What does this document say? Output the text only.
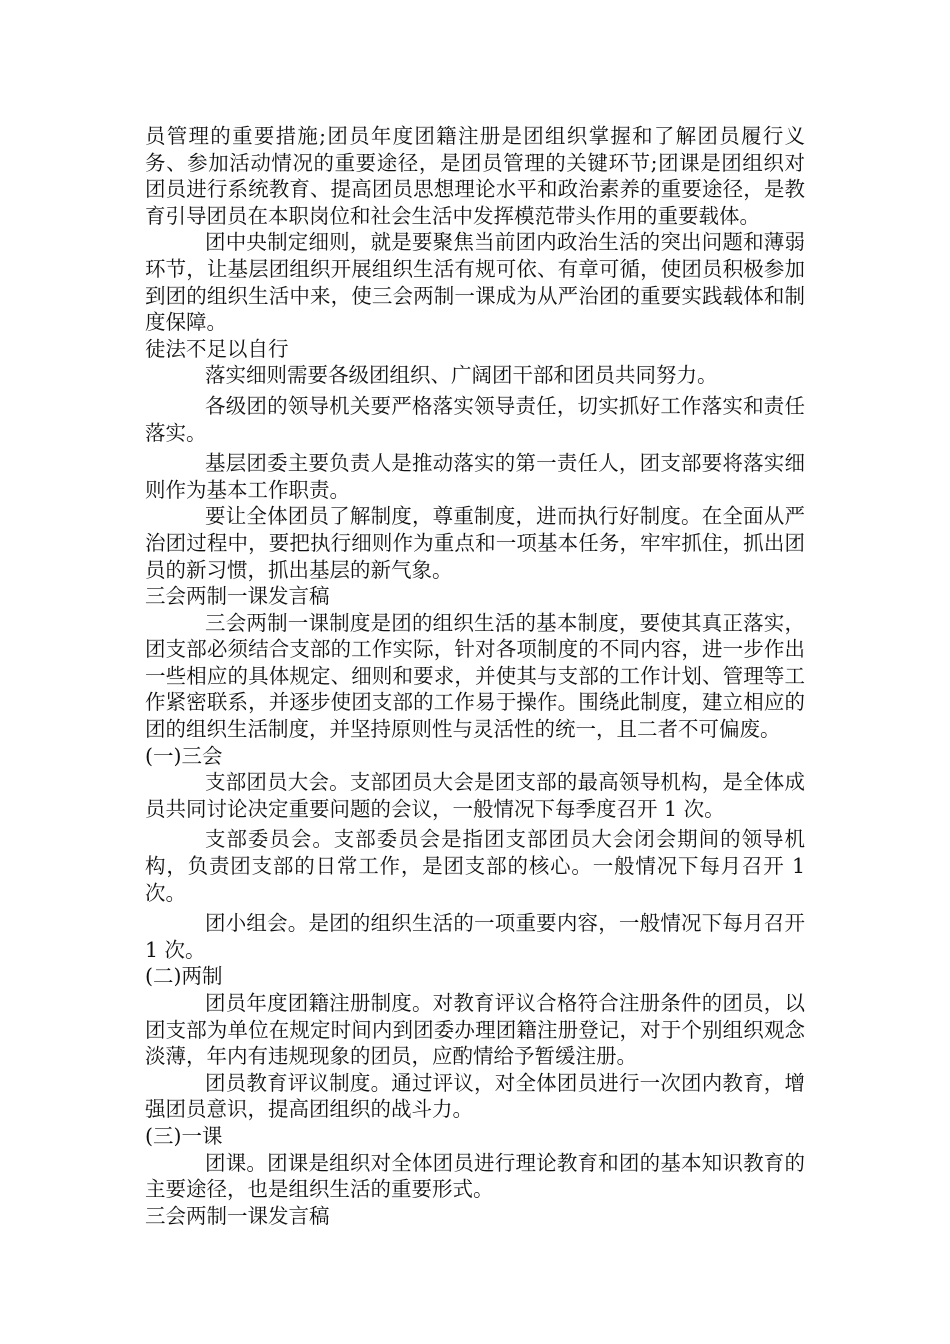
员管理的重要措施;团员年度团籍注册是团组织掌握和了解团员履行义务、参加活动情况的重要途径，是团员管理的关键环节;团课是团组织对团员进行系统教育、提高团员思想理论水平和政治素养的重要途径，是教育引导团员在本职岗位和社会生活中发挥模范带头作用的重要载体。

团中央制定细则，就是要聚焦当前团内政治生活的突出问题和薄弱环节，让基层团组织开展组织生活有规可依、有章可循，使团员积极参加到团的组织生活中来，使三会两制一课成为从严治团的重要实践载体和制度保障。

徒法不足以自行

落实细则需要各级团组织、广阔团干部和团员共同努力。

各级团的领导机关要严格落实领导责任，切实抓好工作落实和责任落实。

基层团委主要负责人是推动落实的第一责任人，团支部要将落实细则作为基本工作职责。

要让全体团员了解制度，尊重制度，进而执行好制度。在全面从严治团过程中，要把执行细则作为重点和一项基本任务，牢牢抓住，抓出团员的新习惯，抓出基层的新气象。

三会两制一课发言稿

三会两制一课制度是团的组织生活的基本制度，要使其真正落实，团支部必须结合支部的工作实际，针对各项制度的不同内容，进一步作出一些相应的具体规定、细则和要求，并使其与支部的工作计划、管理等工作紧密联系，并逐步使团支部的工作易于操作。围绕此制度，建立相应的团的组织生活制度，并坚持原则性与灵活性的统一，且二者不可偏废。

(一)三会

支部团员大会。支部团员大会是团支部的最高领导机构，是全体成员共同讨论决定重要问题的会议，一般情况下每季度召开 1 次。

支部委员会。支部委员会是指团支部团员大会闭会期间的领导机构，负责团支部的日常工作，是团支部的核心。一般情况下每月召开 1 次。

团小组会。是团的组织生活的一项重要内容，一般情况下每月召开 1 次。

(二)两制

团员年度团籍注册制度。对教育评议合格符合注册条件的团员，以团支部为单位在规定时间内到团委办理团籍注册登记，对于个别组织观念淡薄，年内有违规现象的团员，应酌情给予暂缓注册。

团员教育评议制度。通过评议，对全体团员进行一次团内教育，增强团员意识，提高团组织的战斗力。

(三)一课

团课。团课是组织对全体团员进行理论教育和团的基本知识教育的主要途径，也是组织生活的重要形式。

三会两制一课发言稿
